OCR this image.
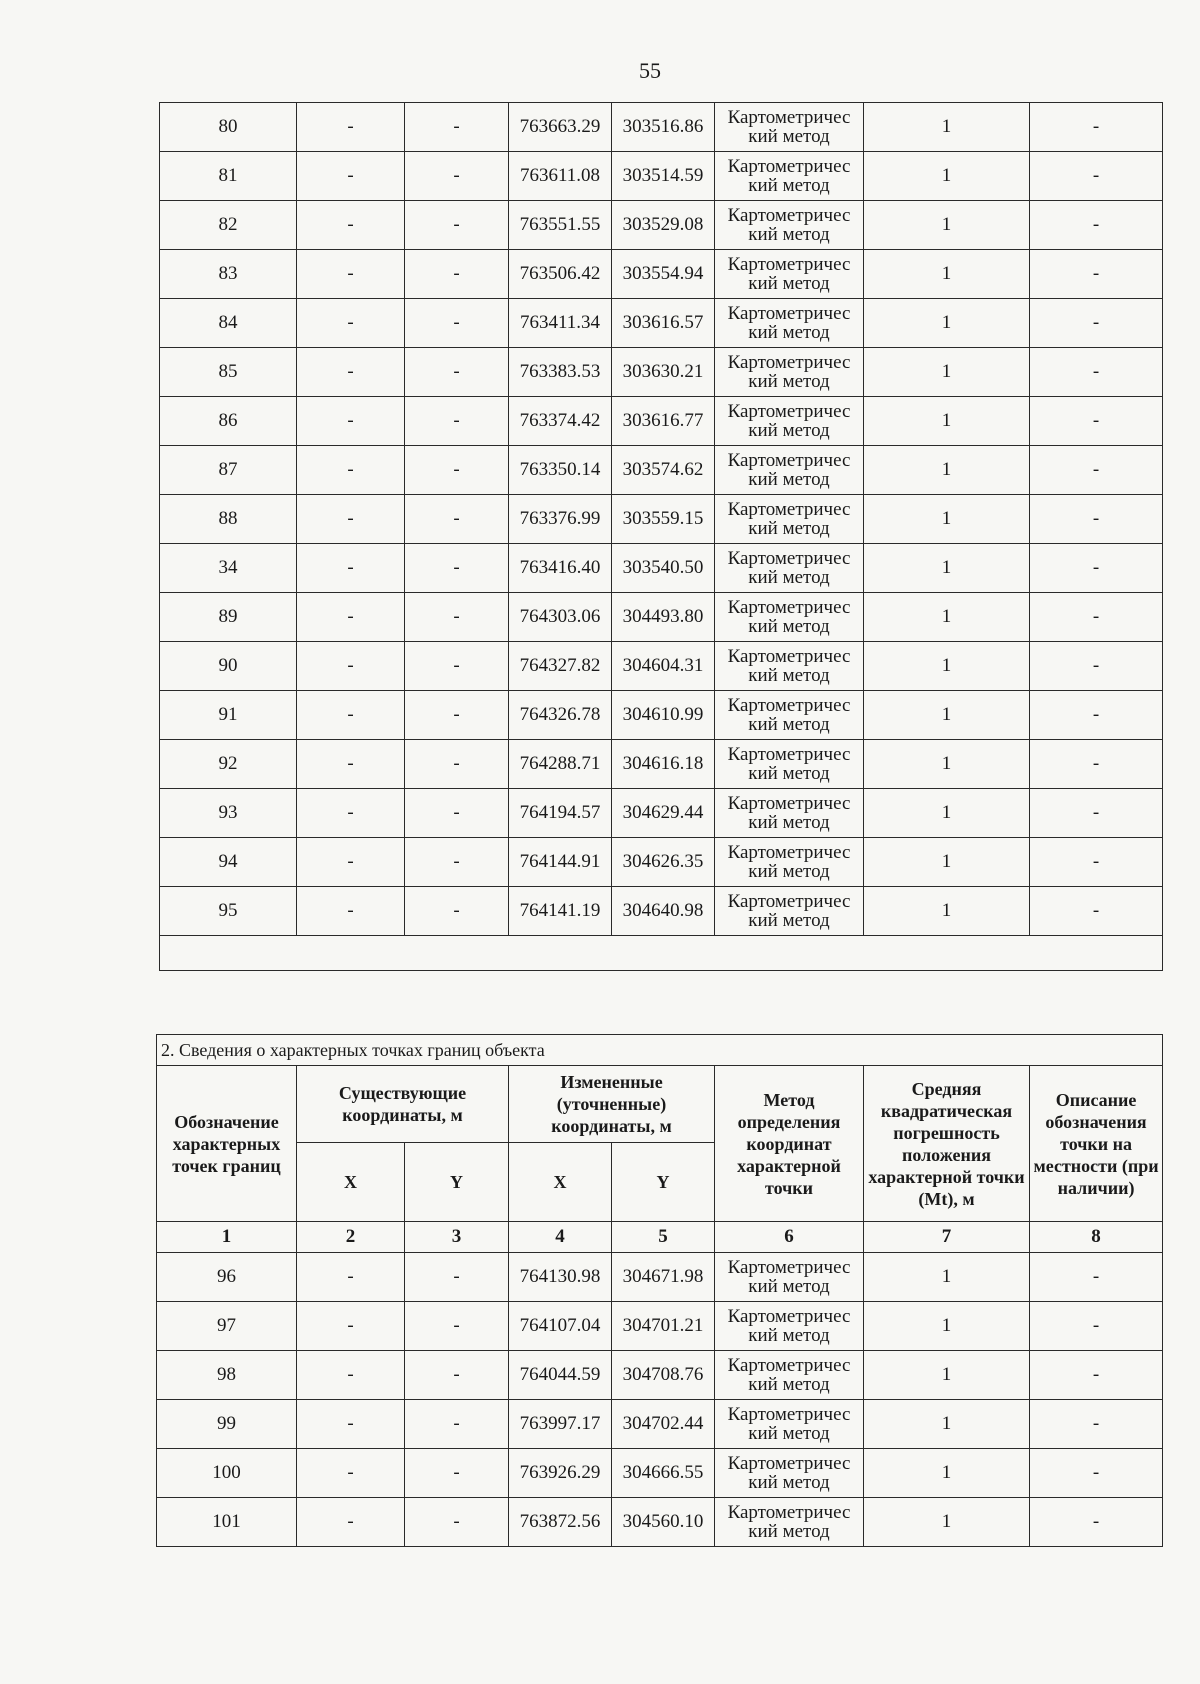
55
80	-	-	763663.29	303516.86	Картометричес
кий метод	1	-
81	-	-	763611.08	303514.59	Картометричес
кий метод	1	-
82	-	-	763551.55	303529.08	Картометричес
кий метод	1	-
83	-	-	763506.42	303554.94	Картометричес
кий метод	1	-
84	-	-	763411.34	303616.57	Картометричес
кий метод	1	-
85	-	-	763383.53	303630.21	Картометричес
кий метод	1	-
86	-	-	763374.42	303616.77	Картометричес
кий метод	1	-
87	-	-	763350.14	303574.62	Картометричес
кий метод	1	-
88	-	-	763376.99	303559.15	Картометричес
кий метод	1	-
34	-	-	763416.40	303540.50	Картометричес
кий метод	1	-
89	-	-	764303.06	304493.80	Картометричес
кий метод	1	-
90	-	-	764327.82	304604.31	Картометричес
кий метод	1	-
91	-	-	764326.78	304610.99	Картометричес
кий метод	1	-
92	-	-	764288.71	304616.18	Картометричес
кий метод	1	-
93	-	-	764194.57	304629.44	Картометричес
кий метод	1	-
94	-	-	764144.91	304626.35	Картометричес
кий метод	1	-
95	-	-	764141.19	304640.98	Картометричес
кий метод	1	-

2. Сведения о характерных точках границ объекта							
Обозначение характерных точек границ	Существующие координаты, м		Измененные (уточненные) координаты, м		Метод определения координат характерной точки	Средняя квадратическая погрешность положения характерной точки (Mt), м	Описание обозначения точки на местности (при наличии)
	X	Y	X	Y			
1	2	3	4	5	6	7	8
96	-	-	764130.98	304671.98	Картометричес
кий метод	1	-
97	-	-	764107.04	304701.21	Картометричес
кий метод	1	-
98	-	-	764044.59	304708.76	Картометричес
кий метод	1	-
99	-	-	763997.17	304702.44	Картометричес
кий метод	1	-
100	-	-	763926.29	304666.55	Картометричес
кий метод	1	-
101	-	-	763872.56	304560.10	Картометричес
кий метод	1	-
